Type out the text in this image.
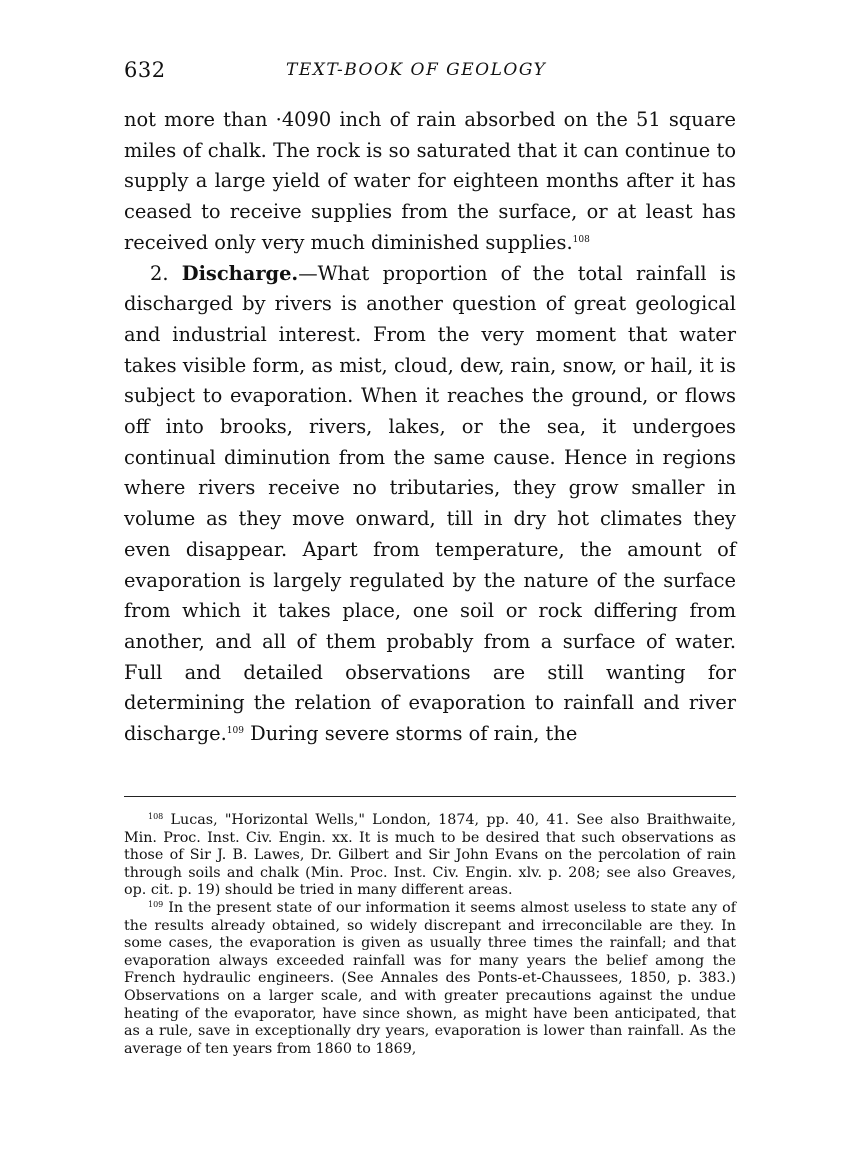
632	TEXT-BOOK OF GEOLOGY

not more than ·4090 inch of rain absorbed on the 51 square miles of chalk. The rock is so saturated that it can continue to supply a large yield of water for eighteen months after it has ceased to receive supplies from the surface, or at least has received only very much diminished supplies.$^{108}$

2. Discharge.—What proportion of the total rainfall is discharged by rivers is another question of great geological and industrial interest. From the very moment that water takes visible form, as mist, cloud, dew, rain, snow, or hail, it is subject to evaporation. When it reaches the ground, or flows off into brooks, rivers, lakes, or the sea, it undergoes continual diminution from the same cause. Hence in regions where rivers receive no tributaries, they grow smaller in volume as they move onward, till in dry hot climates they even disappear. Apart from temperature, the amount of evaporation is largely regulated by the nature of the surface from which it takes place, one soil or rock differing from another, and all of them probably from a surface of water. Full and detailed observations are still wanting for determining the relation of evaporation to rainfall and river discharge.$^{109}$ During severe storms of rain, the

$^{108}$ Lucas, "Horizontal Wells," London, 1874, pp. 40, 41. See also Braithwaite, Min. Proc. Inst. Civ. Engin. xx. It is much to be desired that such observations as those of Sir J. B. Lawes, Dr. Gilbert and Sir John Evans on the percolation of rain through soils and chalk (Min. Proc. Inst. Civ. Engin. xlv. p. 208; see also Greaves, op. cit. p. 19) should be tried in many different areas.

$^{109}$ In the present state of our information it seems almost useless to state any of the results already obtained, so widely discrepant and irreconcilable are they. In some cases, the evaporation is given as usually three times the rainfall; and that evaporation always exceeded rainfall was for many years the belief among the French hydraulic engineers. (See Annales des Ponts-et-Chaussees, 1850, p. 383.) Observations on a larger scale, and with greater precautions against the undue heating of the evaporator, have since shown, as might have been anticipated, that as a rule, save in exceptionally dry years, evaporation is lower than rainfall. As the average of ten years from 1860 to 1869,
